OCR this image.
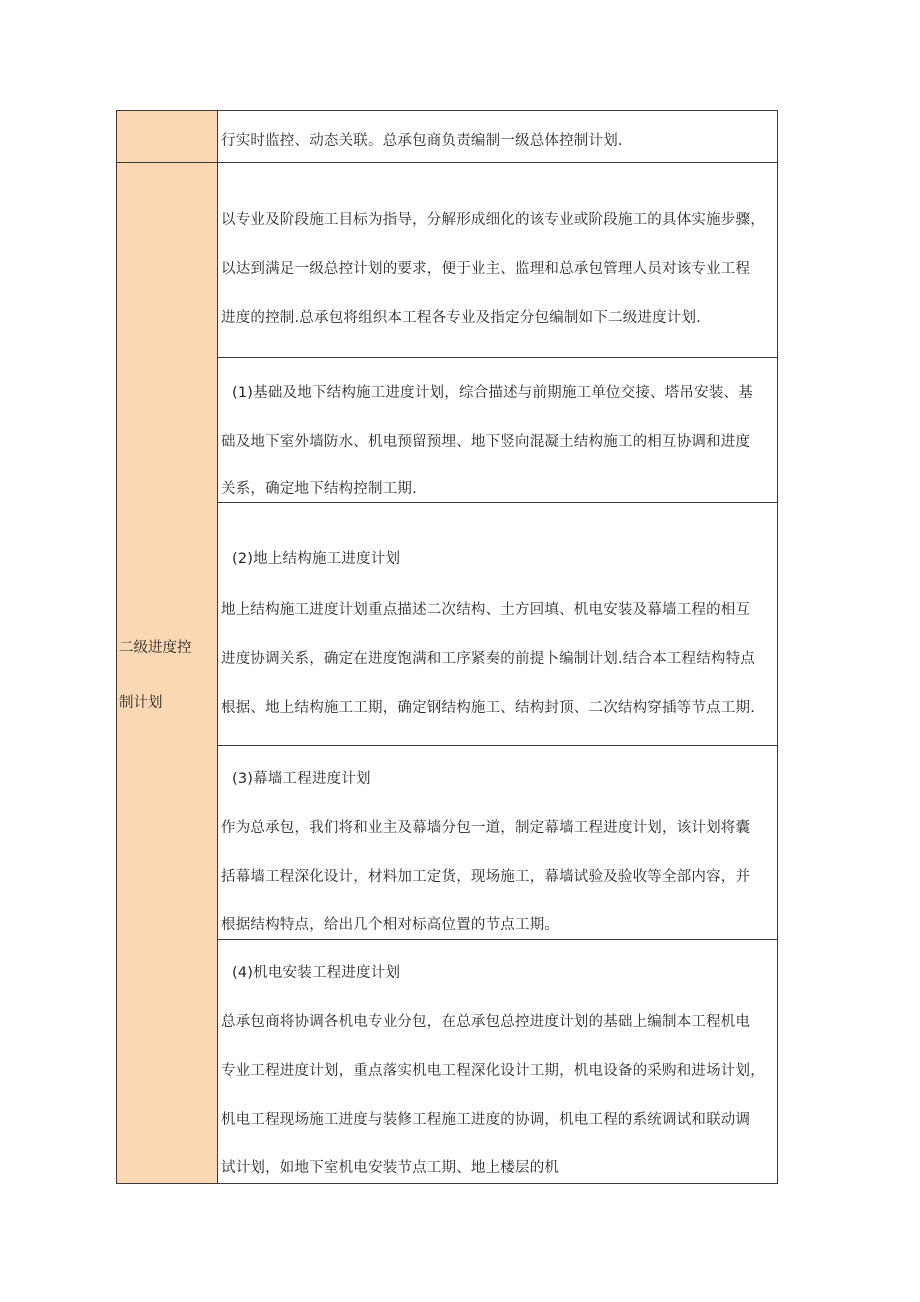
二级进度控
制计划
行实时监控、动态关联。总承包商负责编制一级总体控制计划.
以专业及阶段施工目标为指导，分解形成细化的该专业或阶段施工的具体实施步骤，
以达到满足一级总控计划的要求，便于业主、监理和总承包管理人员对该专业工程
进度的控制.总承包将组织本工程各专业及指定分包编制如下二级进度计划.
(1)基础及地下结构施工进度计划，综合描述与前期施工单位交接、塔吊安装、基
础及地下室外墙防水、机电预留预埋、地下竖向混凝土结构施工的相互协调和进度
关系，确定地下结构控制工期.
(2)地上结构施工进度计划
地上结构施工进度计划重点描述二次结构、土方回填、机电安装及幕墙工程的相互
进度协调关系，确定在进度饱满和工序紧奏的前提卜编制计划.结合本工程结构特点
根据、地上结构施工工期，确定钢结构施工、结构封顶、二次结构穿插等节点工期.
(3)幕墙工程进度计划
作为总承包，我们将和业主及幕墙分包一道，制定幕墙工程进度计划，该计划将囊
括幕墙工程深化设计，材料加工定货，现场施工，幕墙试验及验收等全部内容，并
根据结构特点，给出几个相对标高位置的节点工期。
(4)机电安装工程进度计划
总承包商将协调各机电专业分包，在总承包总控进度计划的基础上编制本工程机电
专业工程进度计划，重点落实机电工程深化设计工期，机电设备的采购和进场计划，
机电工程现场施工进度与装修工程施工进度的协调，机电工程的系统调试和联动调
试计划，如地下室机电安装节点工期、地上楼层的机
